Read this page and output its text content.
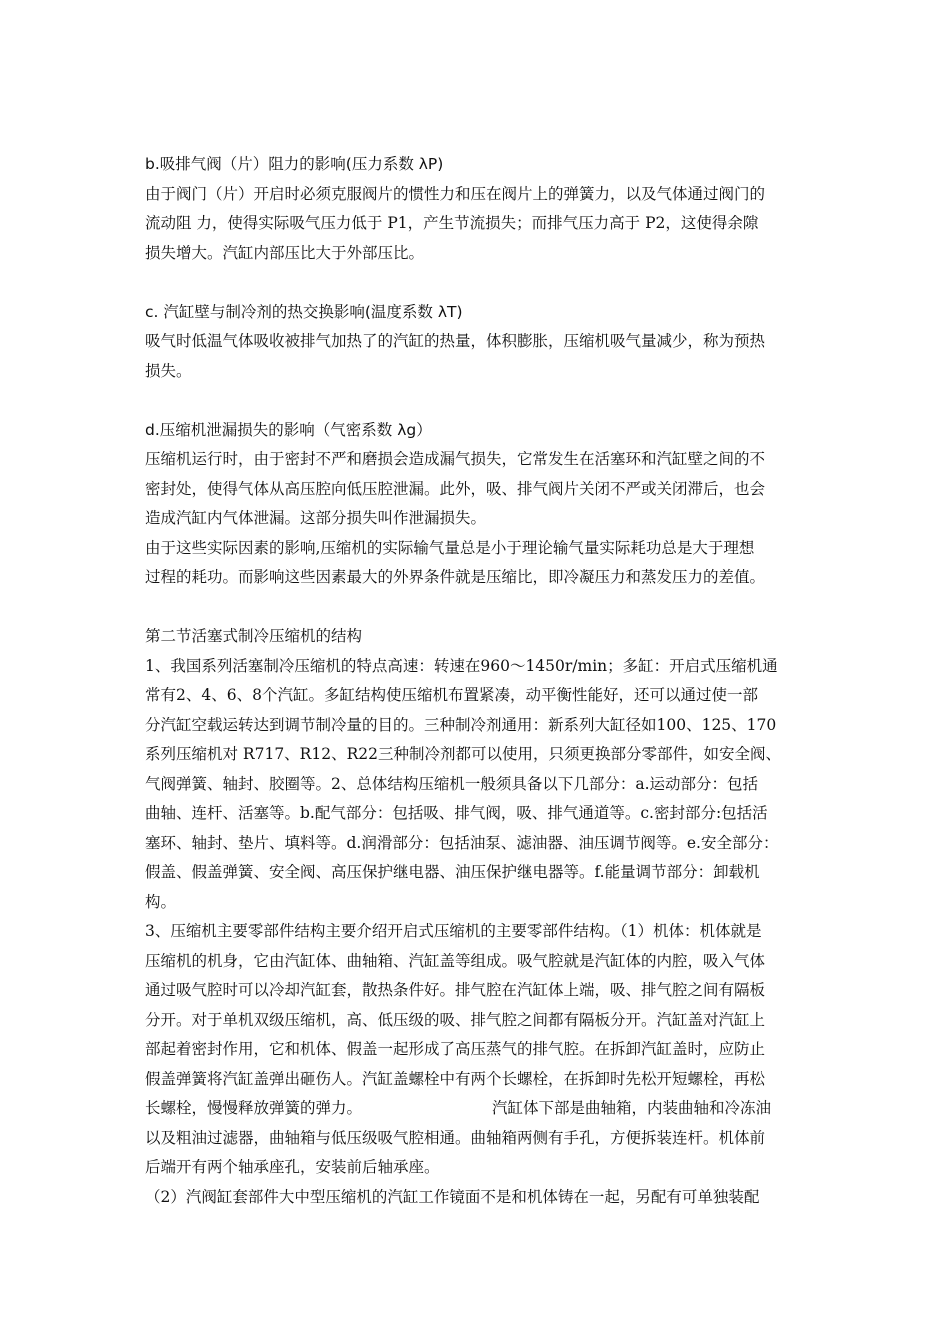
b.吸排气阀（片）阻力的影响(压力系数 λP)
由于阀门（片）开启时必须克服阀片的惯性力和压在阀片上的弹簧力，以及气体通过阀门的
流动阻 力，使得实际吸气压力低于 P1，产生节流损失；而排气压力高于 P2，这使得余隙
损失增大。汽缸内部压比大于外部压比。
c. 汽缸壁与制冷剂的热交换影响(温度系数 λT)
吸气时低温气体吸收被排气加热了的汽缸的热量，体积膨胀，压缩机吸气量减少，称为预热
损失。
d.压缩机泄漏损失的影响（气密系数 λg）
压缩机运行时，由于密封不严和磨损会造成漏气损失，它常发生在活塞环和汽缸壁之间的不
密封处，使得气体从高压腔向低压腔泄漏。此外，吸、排气阀片关闭不严或关闭滞后，也会
造成汽缸内气体泄漏。这部分损失叫作泄漏损失。
由于这些实际因素的影响,压缩机的实际输气量总是小于理论输气量实际耗功总是大于理想
过程的耗功。而影响这些因素最大的外界条件就是压缩比，即冷凝压力和蒸发压力的差值。
第二节活塞式制冷压缩机的结构
1、我国系列活塞制冷压缩机的特点高速：转速在960～1450r/min；多缸：开启式压缩机通
常有2、4、6、8个汽缸。多缸结构使压缩机布置紧凑，动平衡性能好，还可以通过使一部
分汽缸空载运转达到调节制冷量的目的。三种制冷剂通用：新系列大缸径如100、125、170
系列压缩机对 R717、R12、R22三种制冷剂都可以使用，只须更换部分零部件，如安全阀、
气阀弹簧、轴封、胶圈等。2、总体结构压缩机一般须具备以下几部分：a.运动部分：包括
曲轴、连杆、活塞等。b.配气部分：包括吸、排气阀，吸、排气通道等。c.密封部分:包括活
塞环、轴封、垫片、填料等。d.润滑部分：包括油泵、滤油器、油压调节阀等。e.安全部分：
假盖、假盖弹簧、安全阀、高压保护继电器、油压保护继电器等。f.能量调节部分：卸载机
构。
3、压缩机主要零部件结构主要介绍开启式压缩机的主要零部件结构。（1）机体：机体就是
压缩机的机身，它由汽缸体、曲轴箱、汽缸盖等组成。吸气腔就是汽缸体的内腔，吸入气体
通过吸气腔时可以冷却汽缸套，散热条件好。排气腔在汽缸体上端，吸、排气腔之间有隔板
分开。对于单机双级压缩机，高、低压级的吸、排气腔之间都有隔板分开。汽缸盖对汽缸上
部起着密封作用，它和机体、假盖一起形成了高压蒸气的排气腔。在拆卸汽缸盖时，应防止
假盖弹簧将汽缸盖弹出砸伤人。汽缸盖螺栓中有两个长螺栓，在拆卸时先松开短螺栓，再松
长螺栓，慢慢释放弹簧的弹力。	汽缸体下部是曲轴箱，内装曲轴和冷冻油
以及粗油过滤器，曲轴箱与低压级吸气腔相通。曲轴箱两侧有手孔，方便拆装连杆。机体前
后端开有两个轴承座孔，安装前后轴承座。
（2）汽阀缸套部件大中型压缩机的汽缸工作镜面不是和机体铸在一起，另配有可单独装配
